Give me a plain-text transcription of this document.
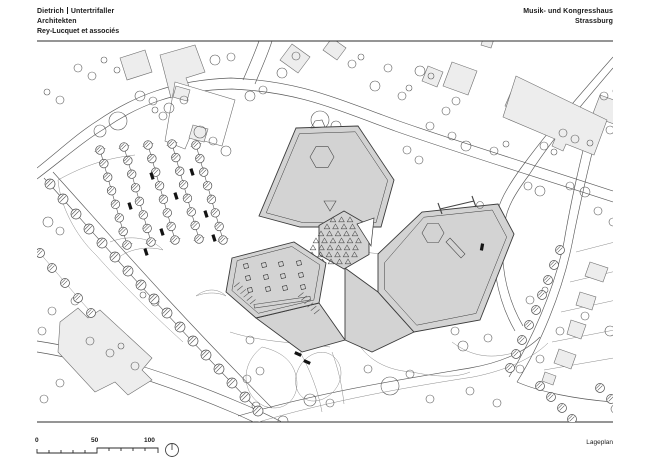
Dietrich Untertrifaller
Architekten
Rey-Lucquet et associés
Musik- und Kongresshaus
Strassburg
0	50	100	Lageplan
